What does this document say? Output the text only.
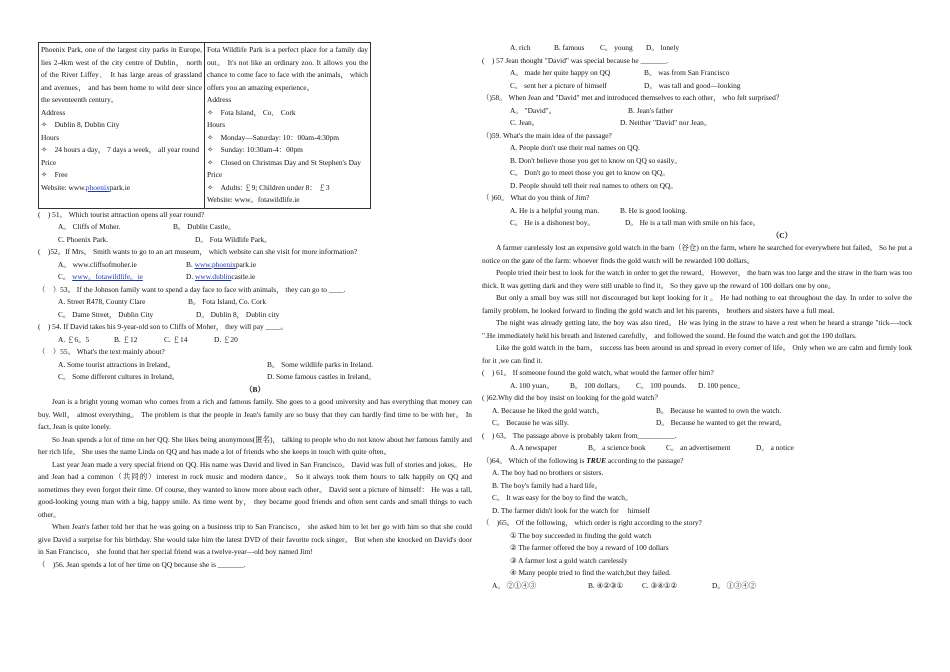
Phoenix Park, one of the largest city parks in Europe, lies 2-4km west of the city centre of Dublin， north of the River Liffey． It has large areas of grassland and avenues， and has been home to wild deer since the seventeenth century。
Address
✧　Dublin 8, Dublin City
Hours
✧　24 hours a day， 7 days a week， all year round
Price
✧　Free
Website: www.phoenixpark.ie

Fota Wildlife Park is a perfect place for a family day out。 It's not like an ordinary zoo. It allows you the chance to come face to face with the animals， which offers you an amazing experience。
Address
✧　Fota Island， Co． Cork
Hours
✧　Monday—Saturday: 10：00am-4:30pm
✧　Sunday: 10:30am-4：00pm
✧　Closed on Christmas Day and St Stephen's Day
Price
✧　Adults: ￡9; Children under 8： ￡3
Website: www。fotawildlife.ie
(　) 51。 Which tourist attraction opens all year round?
A。 Cliffs of Moher.	B。 Dublin Castle。
C. Phoenix Park.	D。 Fota Wildlife Park。
(　)52。If Mrs。 Smith wants to go to an art museum， which website can she visit for more information?
A。 www.cliffsofmoher.ie	B. www.phoenixpark.ie
C。 www。fotawildlife。ie	D. www.dublincastle.ie
（　）53。 If the Johnson family want to spend a day face to face with animals， they can go to ____.
A. Street R478, County Clare	B。 Fota Island, Co. Cork
C。 Dame Street， Dublin City	D。 Dublin 8， Dublin city
(　) 54. If David takes his 9-year-old son to Cliffs of Moher， they will pay ____。
A. ￡6。5	B. ￡12	C. ￡14	D. ￡20
（　）55。 What's the text mainly about?
A. Some tourist attractions in Ireland。	B。 Some wildlife parks in Ireland.
C。 Some different cultures in Ireland。	D. Some famous castles in Ireland。
（B）
Jean is a bright young woman who comes from a rich and famous family. She goes to a good university and has everything that money can buy. Well， almost everything。 The problem is that the people in Jean's family are so busy that they can hardly find time to be with her。 In fact, Jean is quite lonely.
So Jean spends a lot of time on her QQ. She likes being anonymous(匿名)， talking to people who do not know about her famous family and her rich life。 She uses the name Linda on QQ and has made a lot of friends who she keeps in touch with quite often。
Last year Jean made a very special friend on QQ. His name was David and lived in San Francisco。 David was full of stories and jokes。 He and Jean had a common（共同的）interest in rock music and modern dance。 So it always took them hours to talk happily on QQ and sometimes they even forgot their time. Of course, they wanted to know more about each other。 David sent a picture of himself： He was a tall, good-looking young man with a big, happy smile. As time went by， they became good friends and often sent cards and small things to each other。
When Jean's father told her that he was going on a business trip to San Francisco， she asked him to let her go with him so that she could give David a surprise for his birthday. She would take him the latest DVD of their favorite rock singer。 But when she knocked on David's door in San Francisco， she found that her special friend was a twelve-year—old boy named Jim!
（　)56. Jean spends a lot of her time on QQ because she is _______.
A. rich	B. famous	C。 young	D。 lonely
(　) 57 Jean thought "David" was special because he _______.
A。 made her quite happy on QQ	B。 was from San Francisco
C。 sent her a picture of himself	D。 was tall and good—looking
（)58。 When Jean and "David" met and introduced themselves to each other， who felt surprised？
A。 "David"。	B. Jean's father
C. Jean。	D. Neither "David" nor Jean。
（)59. What's the main idea of the passage?
A. People don't use their real names on QQ.
B. Don't believe those you get to know on QQ so easily。
C。 Don't go to meet those you get to know on QQ。
D. People should tell their real names to others on QQ。
（ )60。 What do you think of Jim?
A. He is a helpful young man.	B. He is good looking.
C。 He is a dishonest boy。	D。 He is a tall man with smile on his face。
（C）
A farmer carelessly lost an expensive gold watch in the barn（谷仓) on the farm, where he searched for everywhere but failed。 So he put a notice on the gate of the farm: whoever finds the gold watch will be rewarded 100 dollars。
People tried their best to look for the watch in order to get the reward。 However， the barn was too large and the straw in the barn was too thick. It was getting dark and they were still unable to find it。 So they gave up the reward of 100 dollars one by one。
But only a small boy was still not discouraged but kept looking for it 。 He had nothing to eat throughout the day. In order to solve the family problem, he looked forward to finding the gold watch and let his parents， brothers and sisters have a full meal.
The night was already getting late, the boy was also tired。 He was lying in the straw to have a rest when he heard a strange "tick—-tock ".He immediately held his breath and listened carefully， and followed the sound. He found the watch and got the 100 dollars.
Like the gold watch in the barn， success has been around us and spread in every corner of life。 Only when we are calm and firmly look for it ,we can find it.
(　) 61。 If someone found the gold watch, what would the farmer offer him?
A. 100 yuan。	B。 100 dollars。	C。 100 pounds.	D. 100 pence。
( )62.Why did the boy insist on looking for the gold watch？
A. Because he liked the gold watch。	B。 Because he wanted to own the watch.
C。 Because he was silly.	D。 Because he wanted to get the reward。
(　) 63。 The passage above is probably taken from__________.
A. A newspaper	B。 a science book	C。 an advertisement	D。 a notice
（)64。 Which of the following is TRUE according to the passage?
A. The boy had no brothers or sisters.
B. The boy's family had a hard life。
C。 It was easy for the boy to find the watch。
D. The farmer didn't look for the watch for　 himself
（　)65。 Of the following， which order is right according to the story?
① The boy succeeded in finding the gold watch
② The farmer offered the boy a reward of 100 dollars
③ A farmer lost a gold watch carelessly
④ Many people tried to find the watch,but they failed.
A。 ②①④③	B. ④②③①	C. ③④①②	D。 ①③④②
